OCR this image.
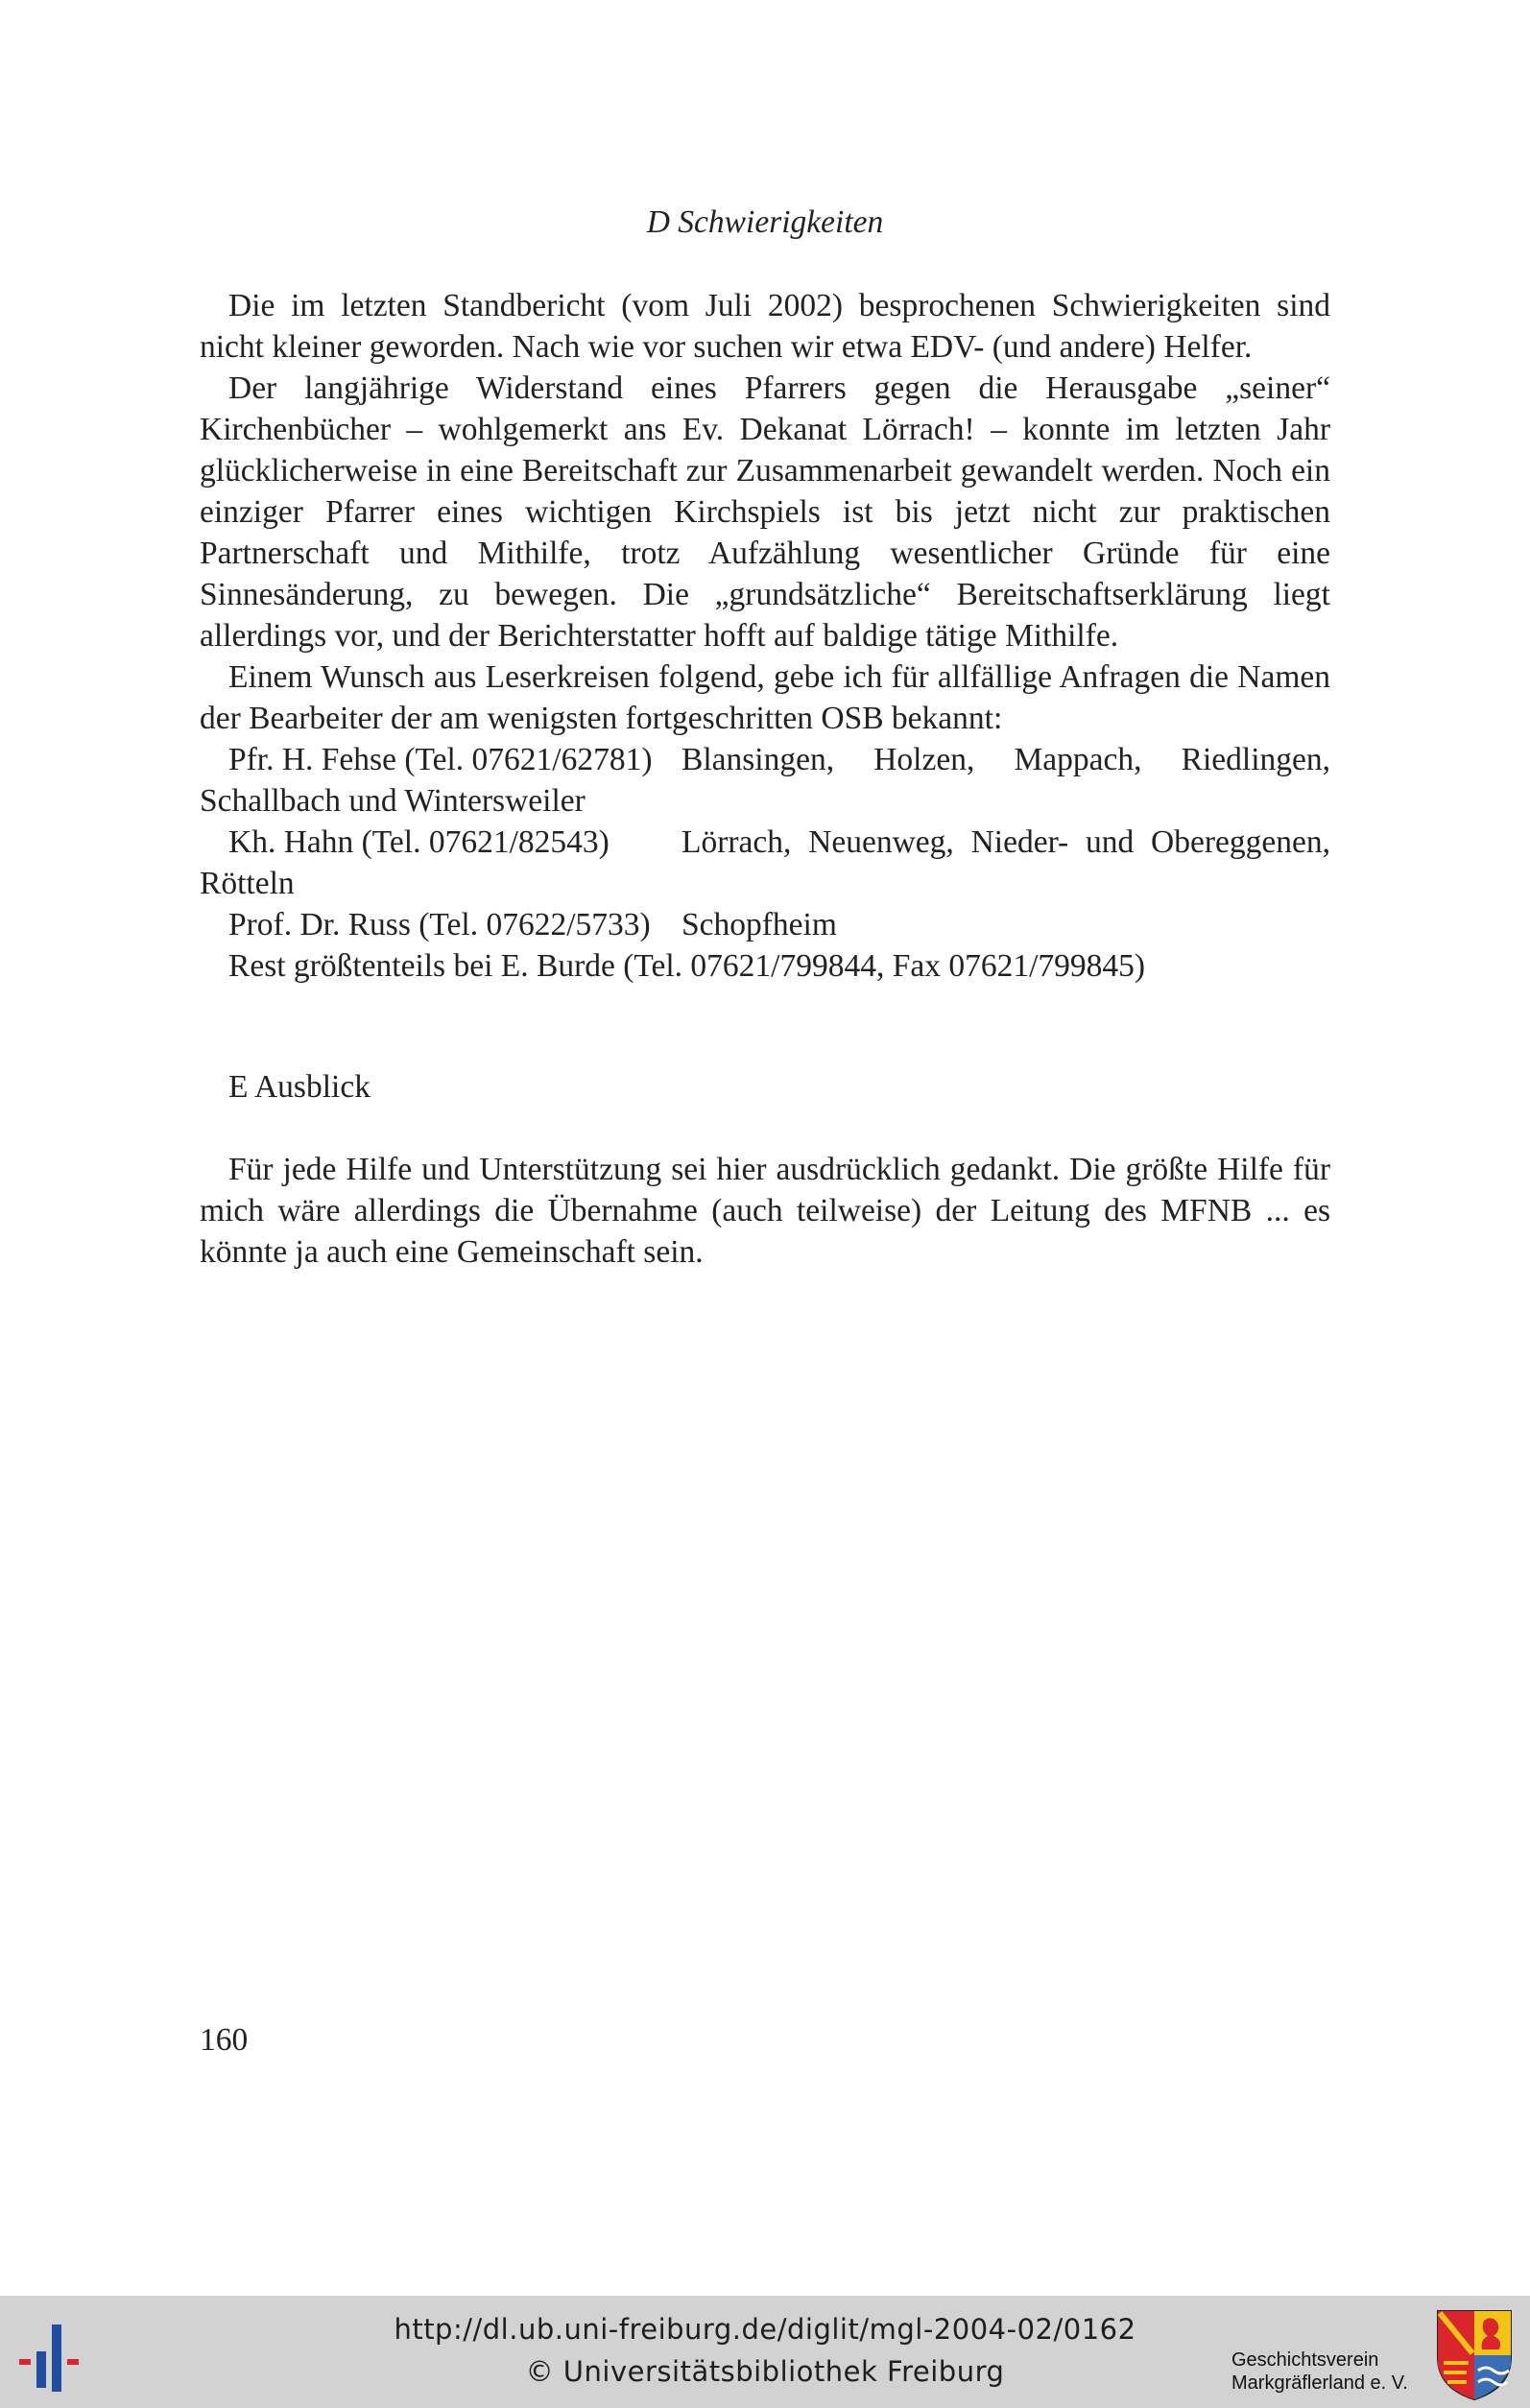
D Schwierigkeiten

Die im letzten Standbericht (vom Juli 2002) besprochenen Schwierigkeiten sind nicht kleiner geworden. Nach wie vor suchen wir etwa EDV- (und andere) Helfer.

Der langjährige Widerstand eines Pfarrers gegen die Herausgabe „seiner“ Kirchenbücher – wohlgemerkt ans Ev. Dekanat Lörrach! – konnte im letzten Jahr glücklicherweise in eine Bereitschaft zur Zusammenarbeit gewandelt werden. Noch ein einziger Pfarrer eines wichtigen Kirchspiels ist bis jetzt nicht zur praktischen Partnerschaft und Mithilfe, trotz Aufzählung wesentlicher Gründe für eine Sinnesänderung, zu bewegen. Die „grundsätzliche“ Bereitschaftserklärung liegt allerdings vor, und der Berichterstatter hofft auf baldige tätige Mithilfe.

Einem Wunsch aus Leserkreisen folgend, gebe ich für allfällige Anfragen die Namen der Bearbeiter der am wenigsten fortgeschritten OSB bekannt:

Pfr. H. Fehse (Tel. 07621/62781) Blansingen, Holzen, Mappach, Riedlingen,

Schallbach und Wintersweiler

Kh. Hahn (Tel. 07621/82543)	Lörrach, Neuenweg, Nieder- und Obereggenen,

Rötteln

Prof. Dr. Russ (Tel. 07622/5733) Schopfheim

Rest größtenteils bei E. Burde (Tel. 07621/799844, Fax 07621/799845)

E Ausblick

Für jede Hilfe und Unterstützung sei hier ausdrücklich gedankt. Die größte Hilfe für mich wäre allerdings die Übernahme (auch teilweise) der Leitung des MFNB ... es könnte ja auch eine Gemeinschaft sein.

160
http://dl.ub.uni-freiburg.de/diglit/mgl-2004-02/0162
© Universitätsbibliothek Freiburg	Geschichtsverein
Markgräflerland e. V.
